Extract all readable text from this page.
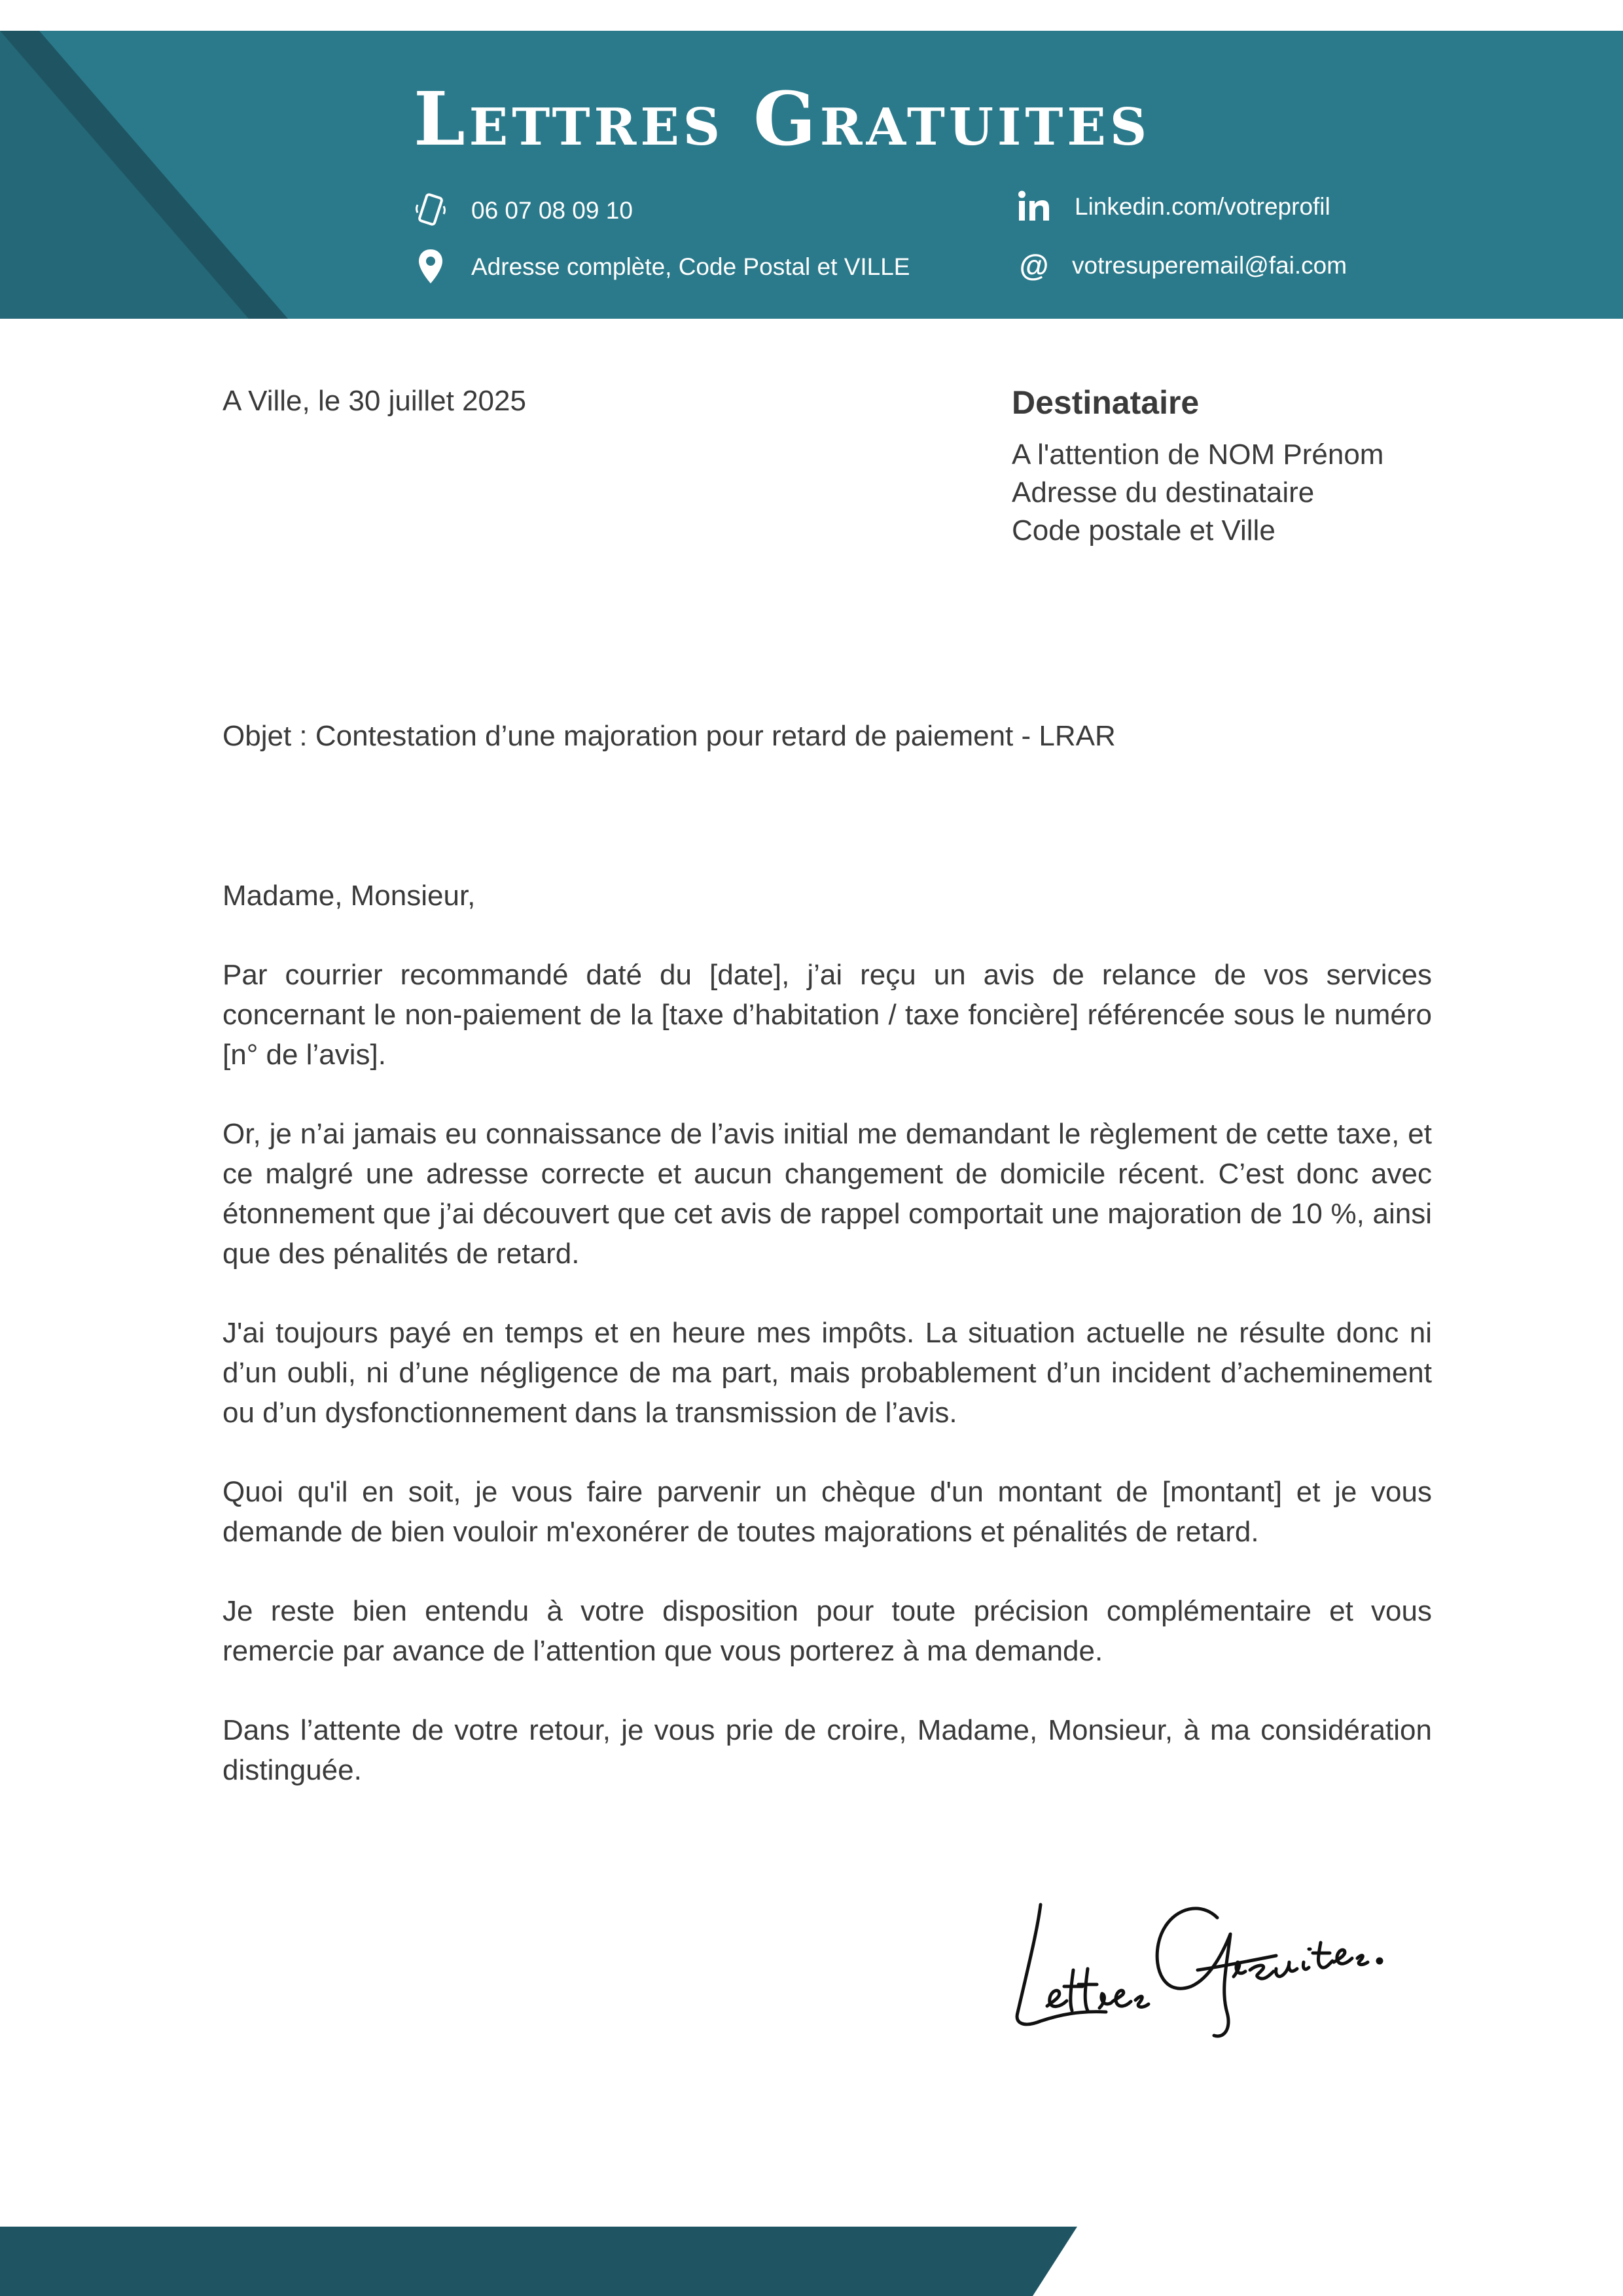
Lettres Gratuites
06 07 08 09 10
Adresse complète, Code Postal et VILLE
Linkedin.com/votreprofil
@ votresuperemail@fai.com
A Ville, le 30 juillet 2025	Destinataire
A l'attention de NOM Prénom
Adresse du destinataire
Code postale et Ville
Objet : Contestation d’une majoration pour retard de paiement - LRAR

Madame, Monsieur,

Par courrier recommandé daté du [date], j’ai reçu un avis de relance de vos services concernant le non-paiement de la [taxe d’habitation / taxe foncière] référencée sous le numéro [n° de l’avis].

Or, je n’ai jamais eu connaissance de l’avis initial me demandant le règlement de cette taxe, et ce malgré une adresse correcte et aucun changement de domicile récent. C’est donc avec étonnement que j’ai découvert que cet avis de rappel comportait une majoration de 10 %, ainsi que des pénalités de retard.

J'ai toujours payé en temps et en heure mes impôts. La situation actuelle ne résulte donc ni d’un oubli, ni d’une négligence de ma part, mais probablement d’un incident d’acheminement ou d’un dysfonctionnement dans la transmission de l’avis.

Quoi qu'il en soit, je vous faire parvenir un chèque d'un montant de [montant] et je vous demande de bien vouloir m'exonérer de toutes majorations et pénalités de retard.

Je reste bien entendu à votre disposition pour toute précision complémentaire et vous remercie par avance de l’attention que vous porterez à ma demande.

Dans l’attente de votre retour, je vous prie de croire, Madame, Monsieur, à ma considération distinguée.
